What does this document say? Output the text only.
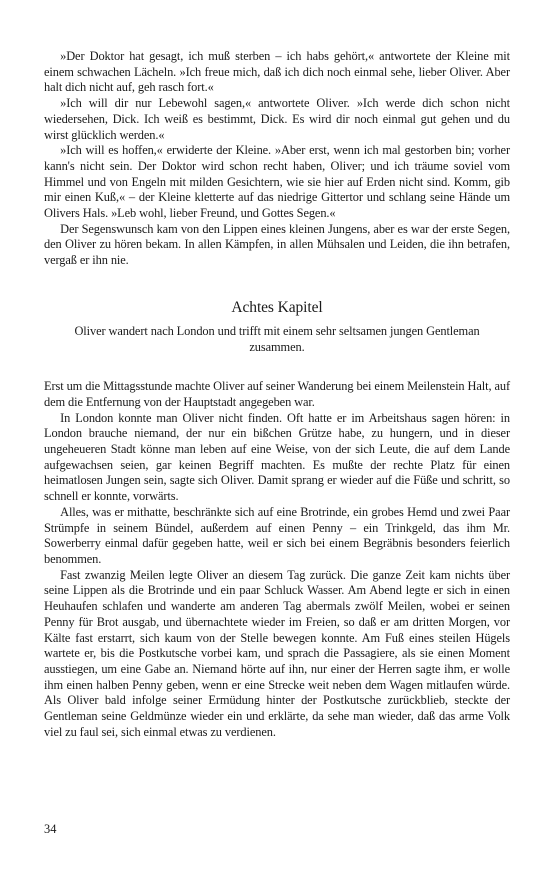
»Der Doktor hat gesagt, ich muß sterben – ich habs gehört,« antwortete der Kleine mit einem schwachen Lächeln. »Ich freue mich, daß ich dich noch einmal sehe, lieber Oliver. Aber halt dich nicht auf, geh rasch fort.«

»Ich will dir nur Lebewohl sagen,« antwortete Oliver. »Ich werde dich schon nicht wiedersehen, Dick. Ich weiß es bestimmt, Dick. Es wird dir noch einmal gut gehen und du wirst glücklich werden.«

»Ich will es hoffen,« erwiderte der Kleine. »Aber erst, wenn ich mal gestorben bin; vorher kann's nicht sein. Der Doktor wird schon recht haben, Oliver; und ich träume soviel vom Himmel und von Engeln mit milden Gesichtern, wie sie hier auf Erden nicht sind. Komm, gib mir einen Kuß,« – der Kleine kletterte auf das niedrige Gittertor und schlang seine Hände um Olivers Hals. »Leb wohl, lieber Freund, und Gottes Segen.«

Der Segenswunsch kam von den Lippen eines kleinen Jungens, aber es war der erste Segen, den Oliver zu hören bekam. In allen Kämpfen, in allen Mühsalen und Leiden, die ihn betrafen, vergaß er ihn nie.

Achtes Kapitel

Oliver wandert nach London und trifft mit einem sehr seltsamen jungen Gentleman zusammen.

Erst um die Mittagsstunde machte Oliver auf seiner Wanderung bei einem Meilenstein Halt, auf dem die Entfernung von der Hauptstadt angegeben war.

In London konnte man Oliver nicht finden. Oft hatte er im Arbeitshaus sagen hören: in London brauche niemand, der nur ein bißchen Grütze habe, zu hungern, und in dieser ungeheueren Stadt könne man leben auf eine Weise, von der sich Leute, die auf dem Lande aufgewachsen seien, gar keinen Begriff machten. Es mußte der rechte Platz für einen heimatlosen Jungen sein, sagte sich Oliver. Damit sprang er wieder auf die Füße und schritt, so schnell er konnte, vorwärts.

Alles, was er mithatte, beschränkte sich auf eine Brotrinde, ein grobes Hemd und zwei Paar Strümpfe in seinem Bündel, außerdem auf einen Penny – ein Trinkgeld, das ihm Mr. Sowerberry einmal dafür gegeben hatte, weil er sich bei einem Begräbnis besonders feierlich benommen.

Fast zwanzig Meilen legte Oliver an diesem Tag zurück. Die ganze Zeit kam nichts über seine Lippen als die Brotrinde und ein paar Schluck Wasser. Am Abend legte er sich in einen Heuhaufen schlafen und wanderte am anderen Tag abermals zwölf Meilen, wobei er seinen Penny für Brot ausgab, und übernachtete wieder im Freien, so daß er am dritten Morgen, vor Kälte fast erstarrt, sich kaum von der Stelle bewegen konnte. Am Fuß eines steilen Hügels wartete er, bis die Postkutsche vorbei kam, und sprach die Passagiere, als sie einen Moment ausstiegen, um eine Gabe an. Niemand hörte auf ihn, nur einer der Herren sagte ihm, er wolle ihm einen halben Penny geben, wenn er eine Strecke weit neben dem Wagen mitlaufen würde. Als Oliver bald infolge seiner Ermüdung hinter der Postkutsche zurückblieb, steckte der Gentleman seine Geldmünze wieder ein und erklärte, da sehe man wieder, daß das arme Volk viel zu faul sei, sich einmal etwas zu verdienen.

34
